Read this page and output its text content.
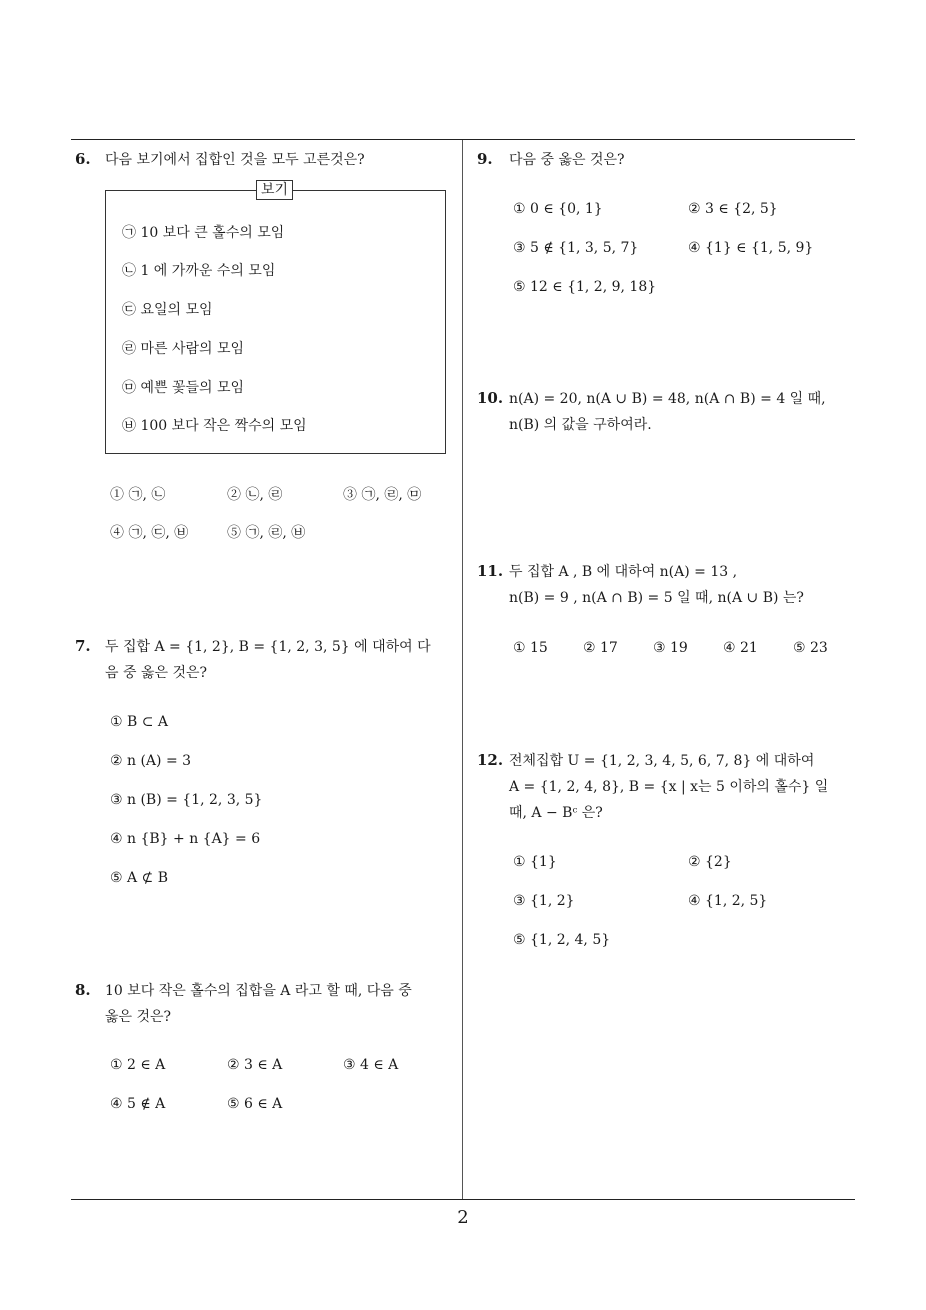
6. 다음 보기에서 집합인 것을 모두 고른것은?
보기
㉠ 10 보다 큰 홀수의 모임
㉡ 1 에 가까운 수의 모임
㉢ 요일의 모임
㉣ 마른 사람의 모임
㉤ 예쁜 꽃들의 모임
㉥ 100 보다 작은 짝수의 모임
① ㉠, ㉡	② ㉡, ㉣	③ ㉠, ㉣, ㉤
④ ㉠, ㉢, ㉥	⑤ ㉠, ㉣, ㉥
7. 두 집합 A = {1, 2}, B = {1, 2, 3, 5} 에 대하여 다
음 중 옳은 것은?
① B ⊂ A
② n (A) = 3
③ n (B) = {1, 2, 3, 5}
④ n {B} + n {A} = 6
⑤ A ⊄ B
8. 10 보다 작은 홀수의 집합을 A 라고 할 때, 다음 중
옳은 것은?
① 2 ∈ A	② 3 ∈ A	③ 4 ∈ A
④ 5 ∉ A	⑤ 6 ∈ A
9. 다음 중 옳은 것은?
① 0 ∈ {0, 1}	② 3 ∈ {2, 5}
③ 5 ∉ {1, 3, 5, 7}	④ {1} ∈ {1, 5, 9}
⑤ 12 ∈ {1, 2, 9, 18}
10. n(A) = 20, n(A ∪ B) = 48, n(A ∩ B) = 4 일 때,
n(B) 의 값을 구하여라.
11. 두 집합 A , B 에 대하여 n(A) = 13 ,
n(B) = 9 , n(A ∩ B) = 5 일 때, n(A ∪ B) 는?
① 15	② 17	③ 19	④ 21	⑤ 23
12. 전체집합 U = {1, 2, 3, 4, 5, 6, 7, 8} 에 대하여
A = {1, 2, 4, 8}, B = {x | x는 5 이하의 홀수} 일
때, A − Bᶜ 은?
① {1}	② {2}
③ {1, 2}	④ {1, 2, 5}
⑤ {1, 2, 4, 5}
2
